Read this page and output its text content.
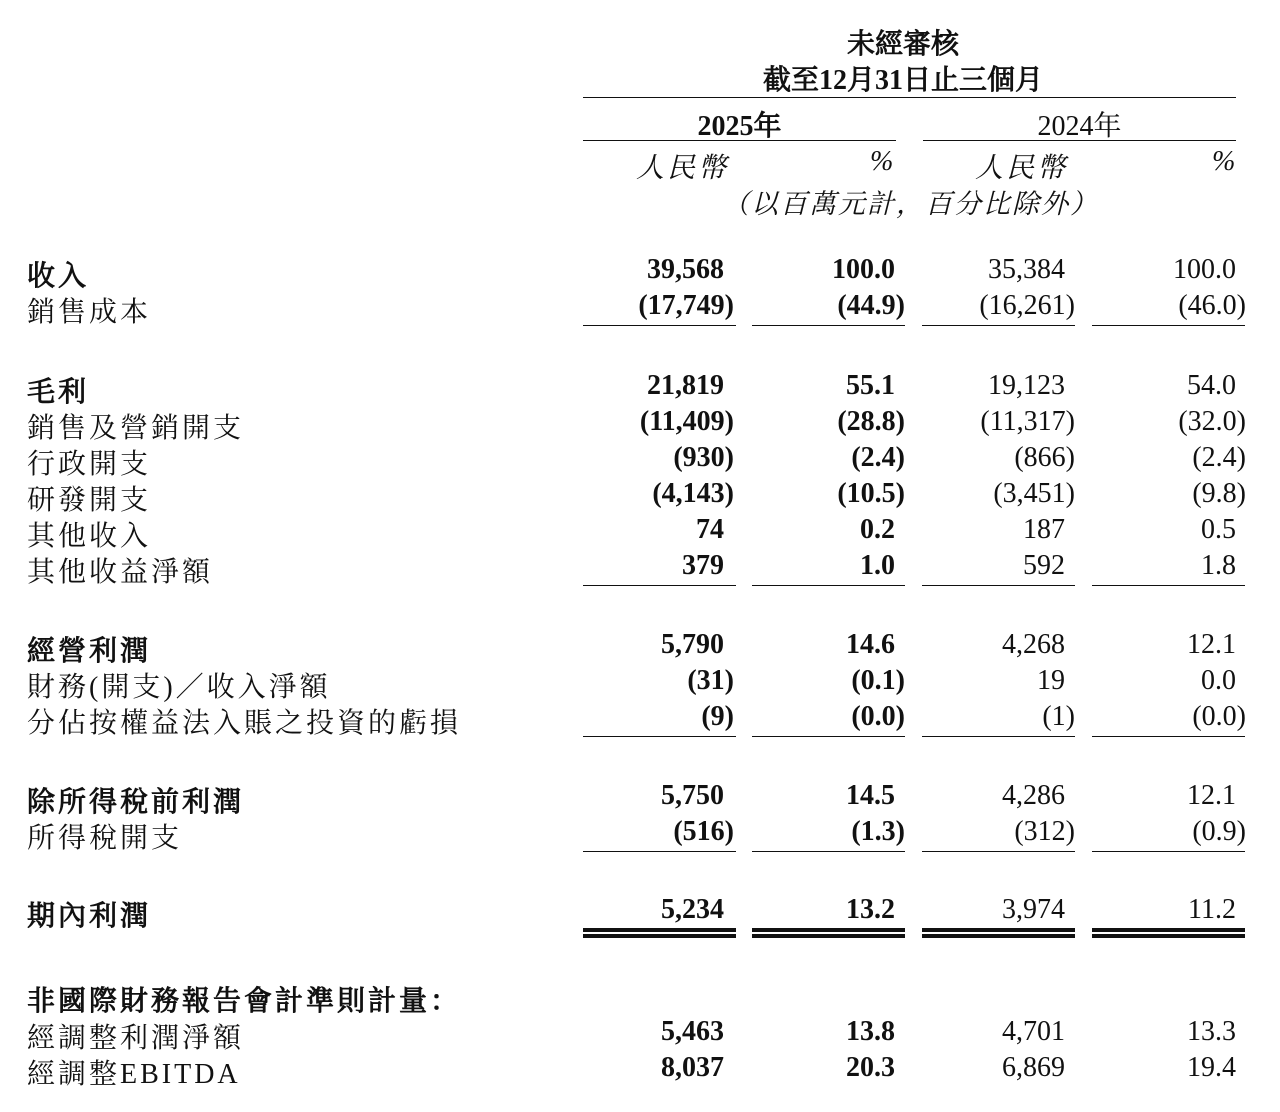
未經審核
截至12月31日止三個月
2025年	2024年
人民幣	%	人民幣	%
（以百萬元計，百分比除外）
收入	39,568	100.0	35,384	100.0
銷售成本	(17,749)	(44.9)	(16,261)	(46.0)
毛利	21,819	55.1	19,123	54.0
銷售及營銷開支	(11,409)	(28.8)	(11,317)	(32.0)
行政開支	(930)	(2.4)	(866)	(2.4)
研發開支	(4,143)	(10.5)	(3,451)	(9.8)
其他收入	74	0.2	187	0.5
其他收益淨額	379	1.0	592	1.8
經營利潤	5,790	14.6	4,268	12.1
財務(開支)／收入淨額	(31)	(0.1)	19	0.0
分佔按權益法入賬之投資的虧損	(9)	(0.0)	(1)	(0.0)
除所得稅前利潤	5,750	14.5	4,286	12.1
所得稅開支	(516)	(1.3)	(312)	(0.9)
期內利潤	5,234	13.2	3,974	11.2
非國際財務報告會計準則計量：
經調整利潤淨額	5,463	13.8	4,701	13.3
經調整EBITDA	8,037	20.3	6,869	19.4
